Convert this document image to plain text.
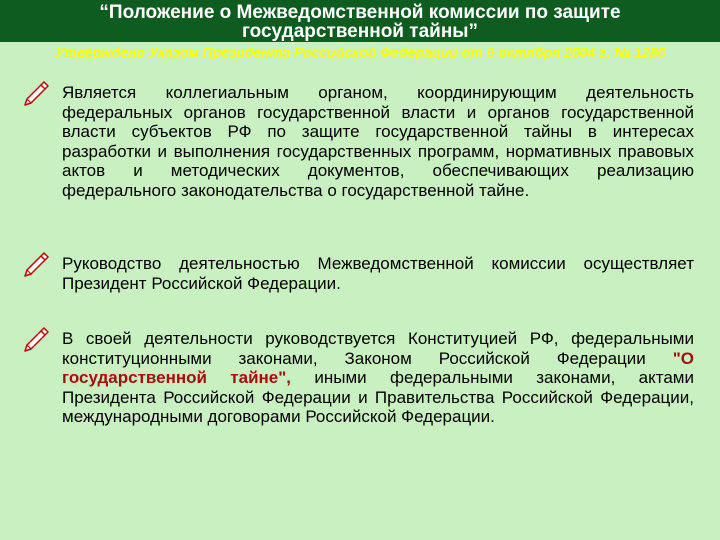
“Положение о Межведомственной комиссии по защите
государственной тайны”
Утверждено Указом Президента Российской Федерации от 6 октября 2004 г. № 1286
Является коллегиальным органом, координирующим деятельность федеральных органов государственной власти и органов государственной власти субъектов РФ по защите государственной тайны в интересах разработки и выполнения государственных программ, нормативных правовых актов и методических документов, обеспечивающих реализацию федерального законодательства о государственной тайне.
Руководство деятельностью Межведомственной комиссии осуществляет Президент Российской Федерации.
В своей деятельности руководствуется Конституцией РФ, федеральными конституционными законами, Законом Российской Федерации "О государственной тайне", иными федеральными законами, актами Президента Российской Федерации и Правительства Российской Федерации, международными договорами Российской Федерации.
